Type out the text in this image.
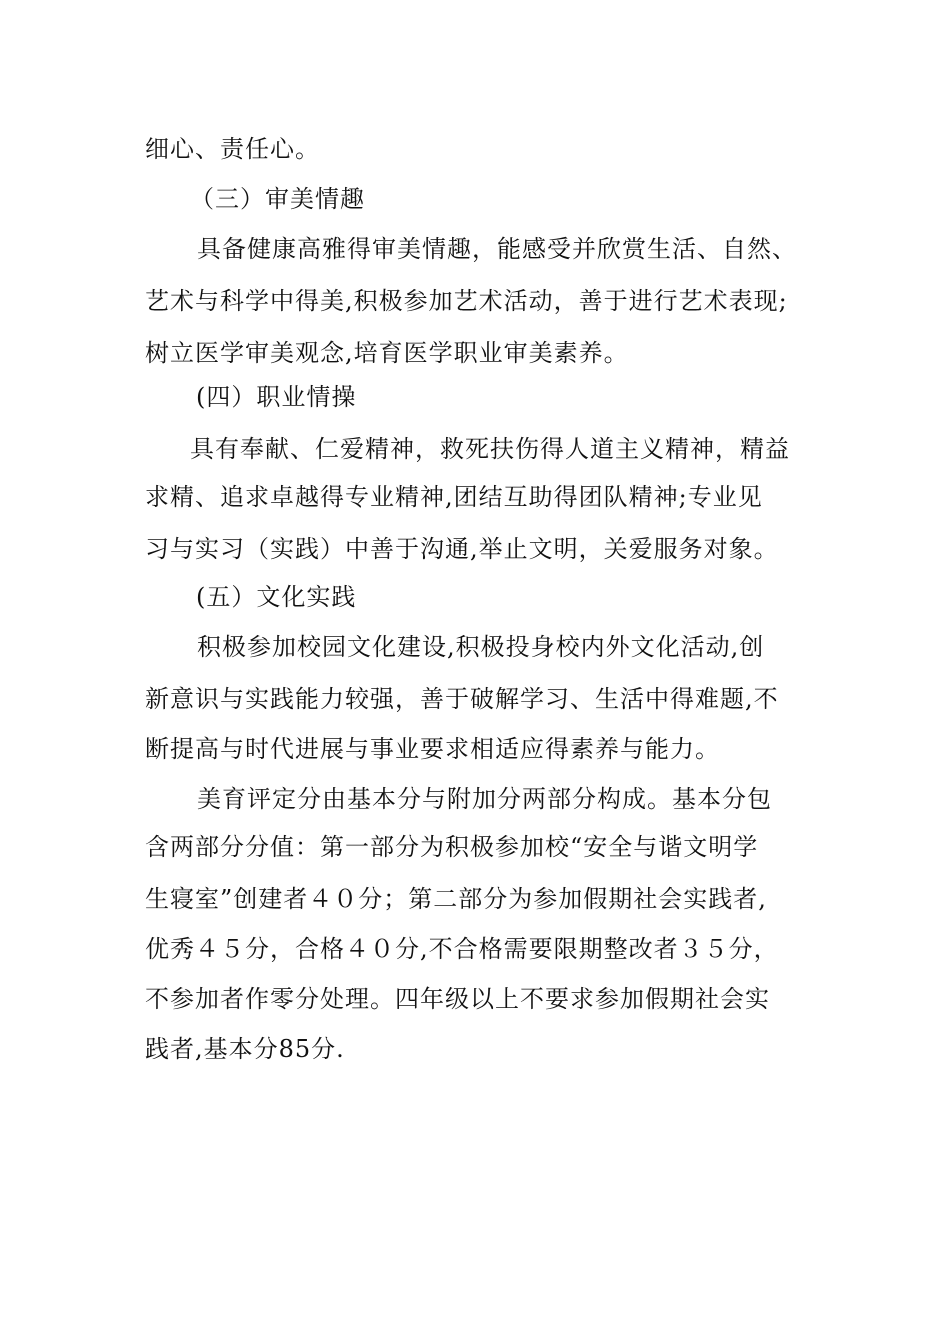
细心、责任心。
（三）审美情趣
具备健康高雅得审美情趣，能感受并欣赏生活、自然、
艺术与科学中得美,积极参加艺术活动，善于进行艺术表现;
树立医学审美观念,培育医学职业审美素养。
(四）职业情操
具有奉献、仁爱精神，救死扶伤得人道主义精神，精益
求精、追求卓越得专业精神,团结互助得团队精神;专业见
习与实习（实践）中善于沟通,举止文明，关爱服务对象。
(五）文化实践
积极参加校园文化建设,积极投身校内外文化活动,创
新意识与实践能力较强，善于破解学习、生活中得难题,不
断提高与时代进展与事业要求相适应得素养与能力。
美育评定分由基本分与附加分两部分构成。基本分包
含两部分分值：第一部分为积极参加校“安全与谐文明学
生寝室”创建者４０分；第二部分为参加假期社会实践者,
优秀４５分，合格４０分,不合格需要限期整改者３５分，
不参加者作零分处理。四年级以上不要求参加假期社会实
践者,基本分85分.
